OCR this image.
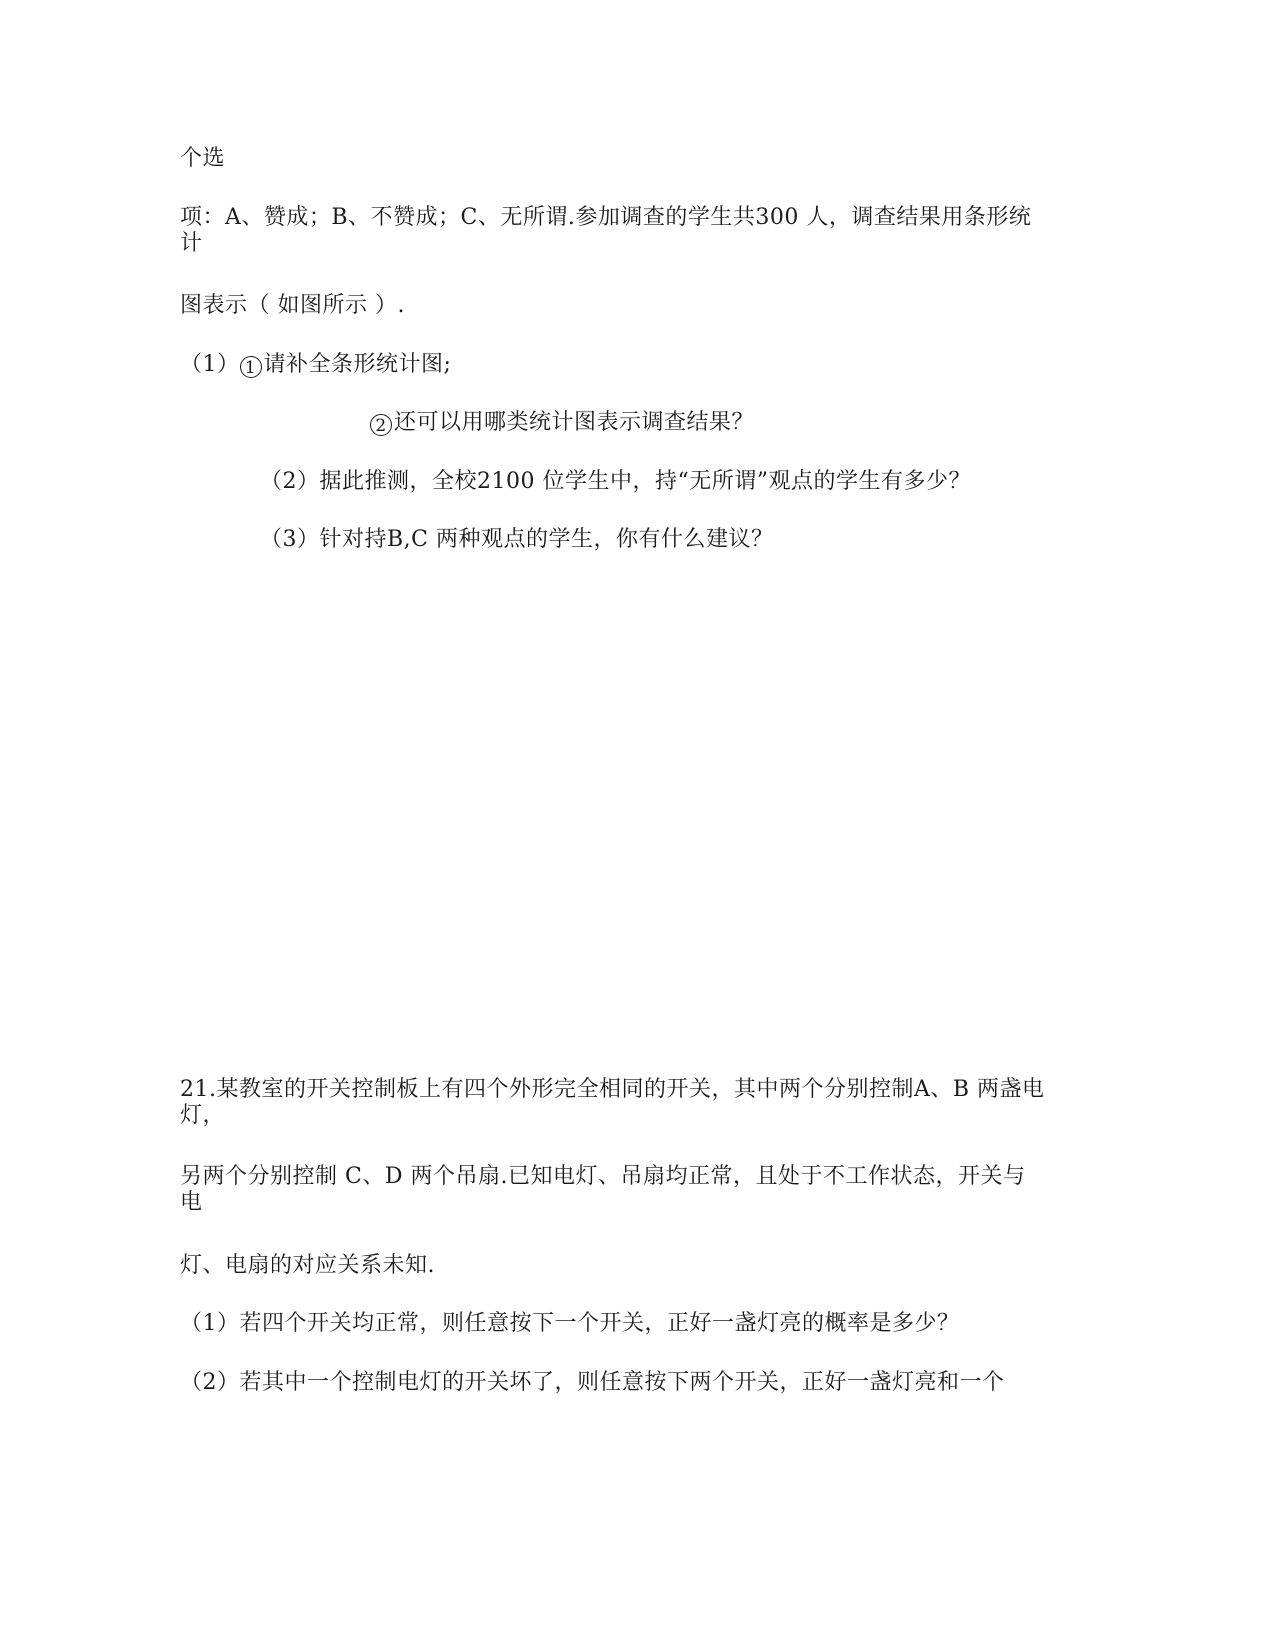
个选
项：A、赞成；B、不赞成；C、无所谓.参加调查的学生共300 人，调查结果用条形统计
图表示（ 如图所示 ）.
（1） 1 请补全条形统计图;
2 还可以用哪类统计图表示调查结果？
（2）据此推测，全校2100 位学生中，持“无所谓”观点的学生有多少？
（3）针对持B,C 两种观点的学生，你有什么建议？
21.某教室的开关控制板上有四个外形完全相同的开关，其中两个分别控制A、B 两盏电灯，
另两个分别控制 C、D 两个吊扇.已知电灯、吊扇均正常，且处于不工作状态，开关与电
灯、电扇的对应关系未知.
（1）若四个开关均正常，则任意按下一个开关，正好一盏灯亮的概率是多少？
（2）若其中一个控制电灯的开关坏了，则任意按下两个开关，正好一盏灯亮和一个
